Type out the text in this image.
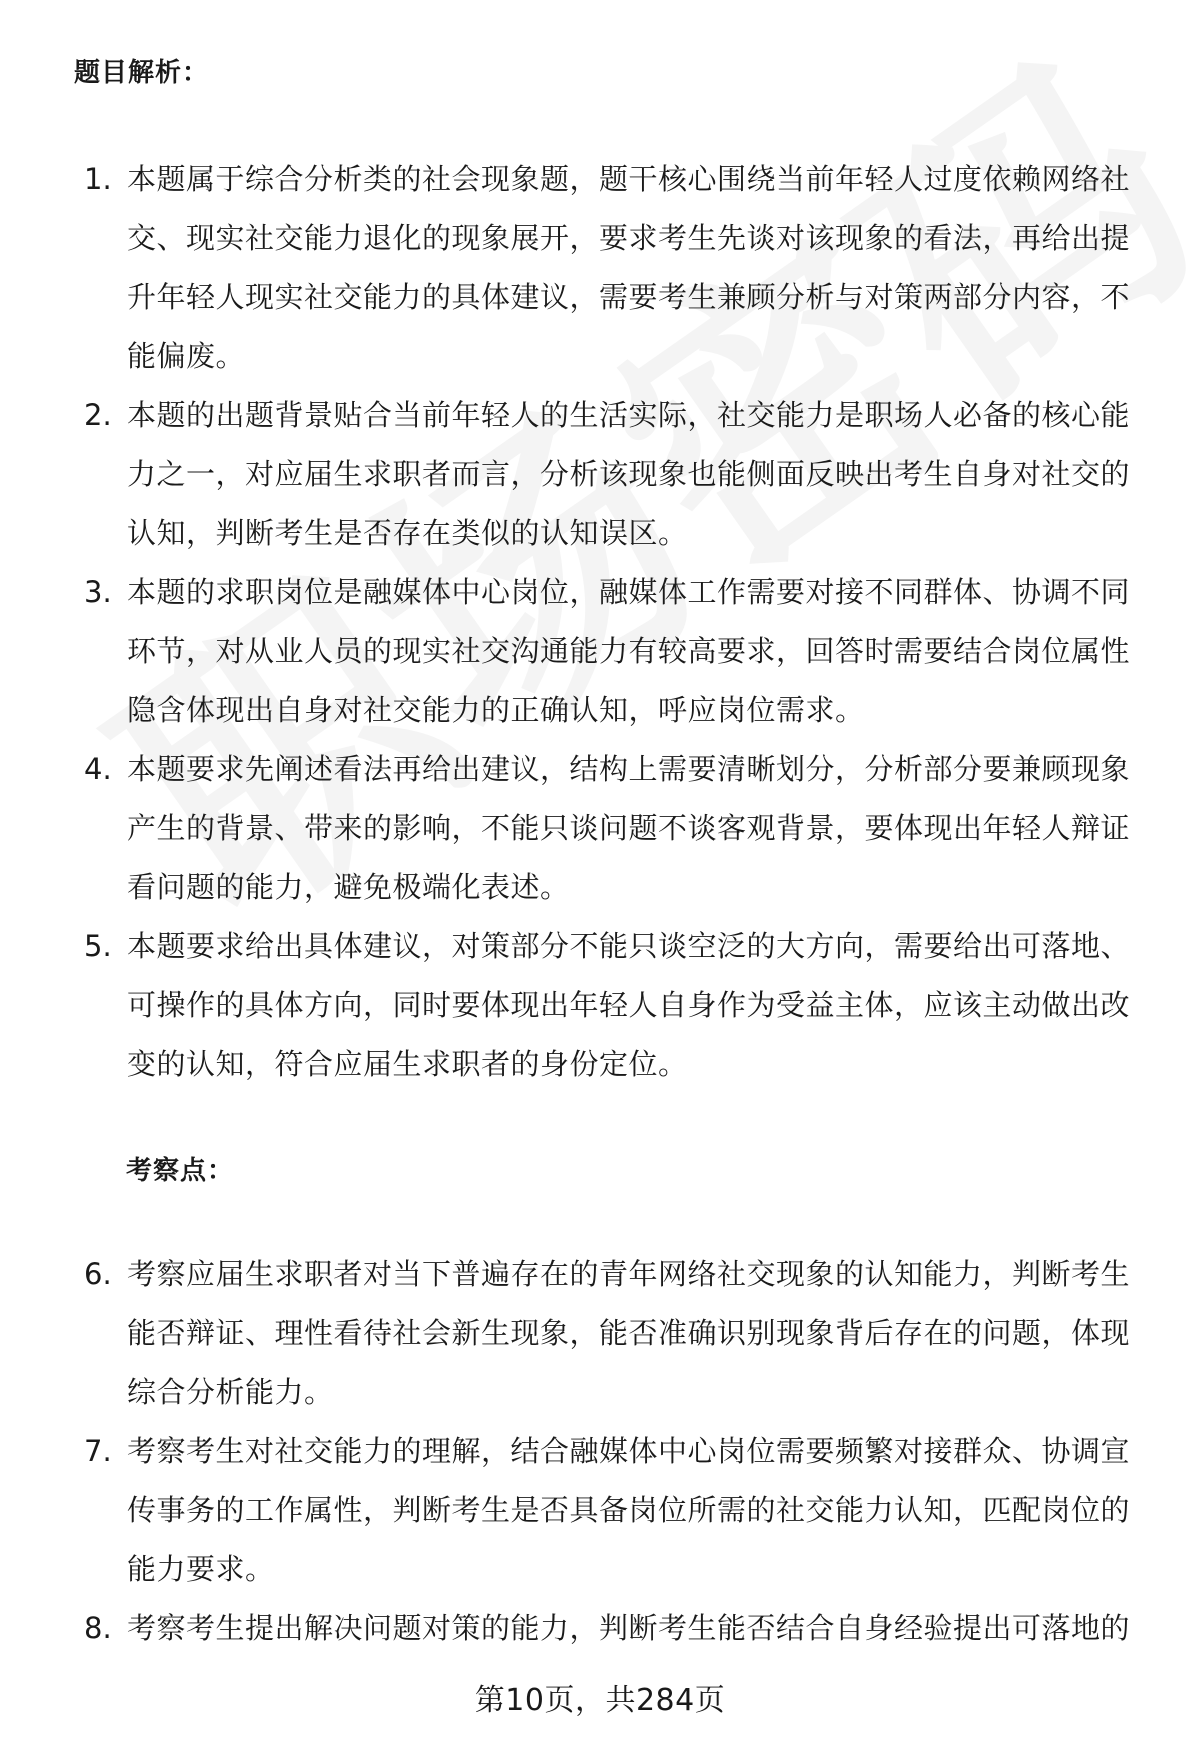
题目解析：
1. 本题属于综合分析类的社会现象题，题干核心围绕当前年轻人过度依赖网络社交、现实社交能力退化的现象展开，要求考生先谈对该现象的看法，再给出提升年轻人现实社交能力的具体建议，需要考生兼顾分析与对策两部分内容，不能偏废。
2. 本题的出题背景贴合当前年轻人的生活实际，社交能力是职场人必备的核心能力之一，对应届生求职者而言，分析该现象也能侧面反映出考生自身对社交的认知，判断考生是否存在类似的认知误区。
3. 本题的求职岗位是融媒体中心岗位，融媒体工作需要对接不同群体、协调不同环节，对从业人员的现实社交沟通能力有较高要求，回答时需要结合岗位属性隐含体现出自身对社交能力的正确认知，呼应岗位需求。
4. 本题要求先阐述看法再给出建议，结构上需要清晰划分，分析部分要兼顾现象产生的背景、带来的影响，不能只谈问题不谈客观背景，要体现出年轻人辩证看问题的能力，避免极端化表述。
5. 本题要求给出具体建议，对策部分不能只谈空泛的大方向，需要给出可落地、可操作的具体方向，同时要体现出年轻人自身作为受益主体，应该主动做出改变的认知，符合应届生求职者的身份定位。
考察点：
6. 考察应届生求职者对当下普遍存在的青年网络社交现象的认知能力，判断考生能否辩证、理性看待社会新生现象，能否准确识别现象背后存在的问题，体现综合分析能力。
7. 考察考生对社交能力的理解，结合融媒体中心岗位需要频繁对接群众、协调宣传事务的工作属性，判断考生是否具备岗位所需的社交能力认知，匹配岗位的能力要求。
8. 考察考生提出解决问题对策的能力，判断考生能否结合自身经验提出可落地的
第10页，共284页
